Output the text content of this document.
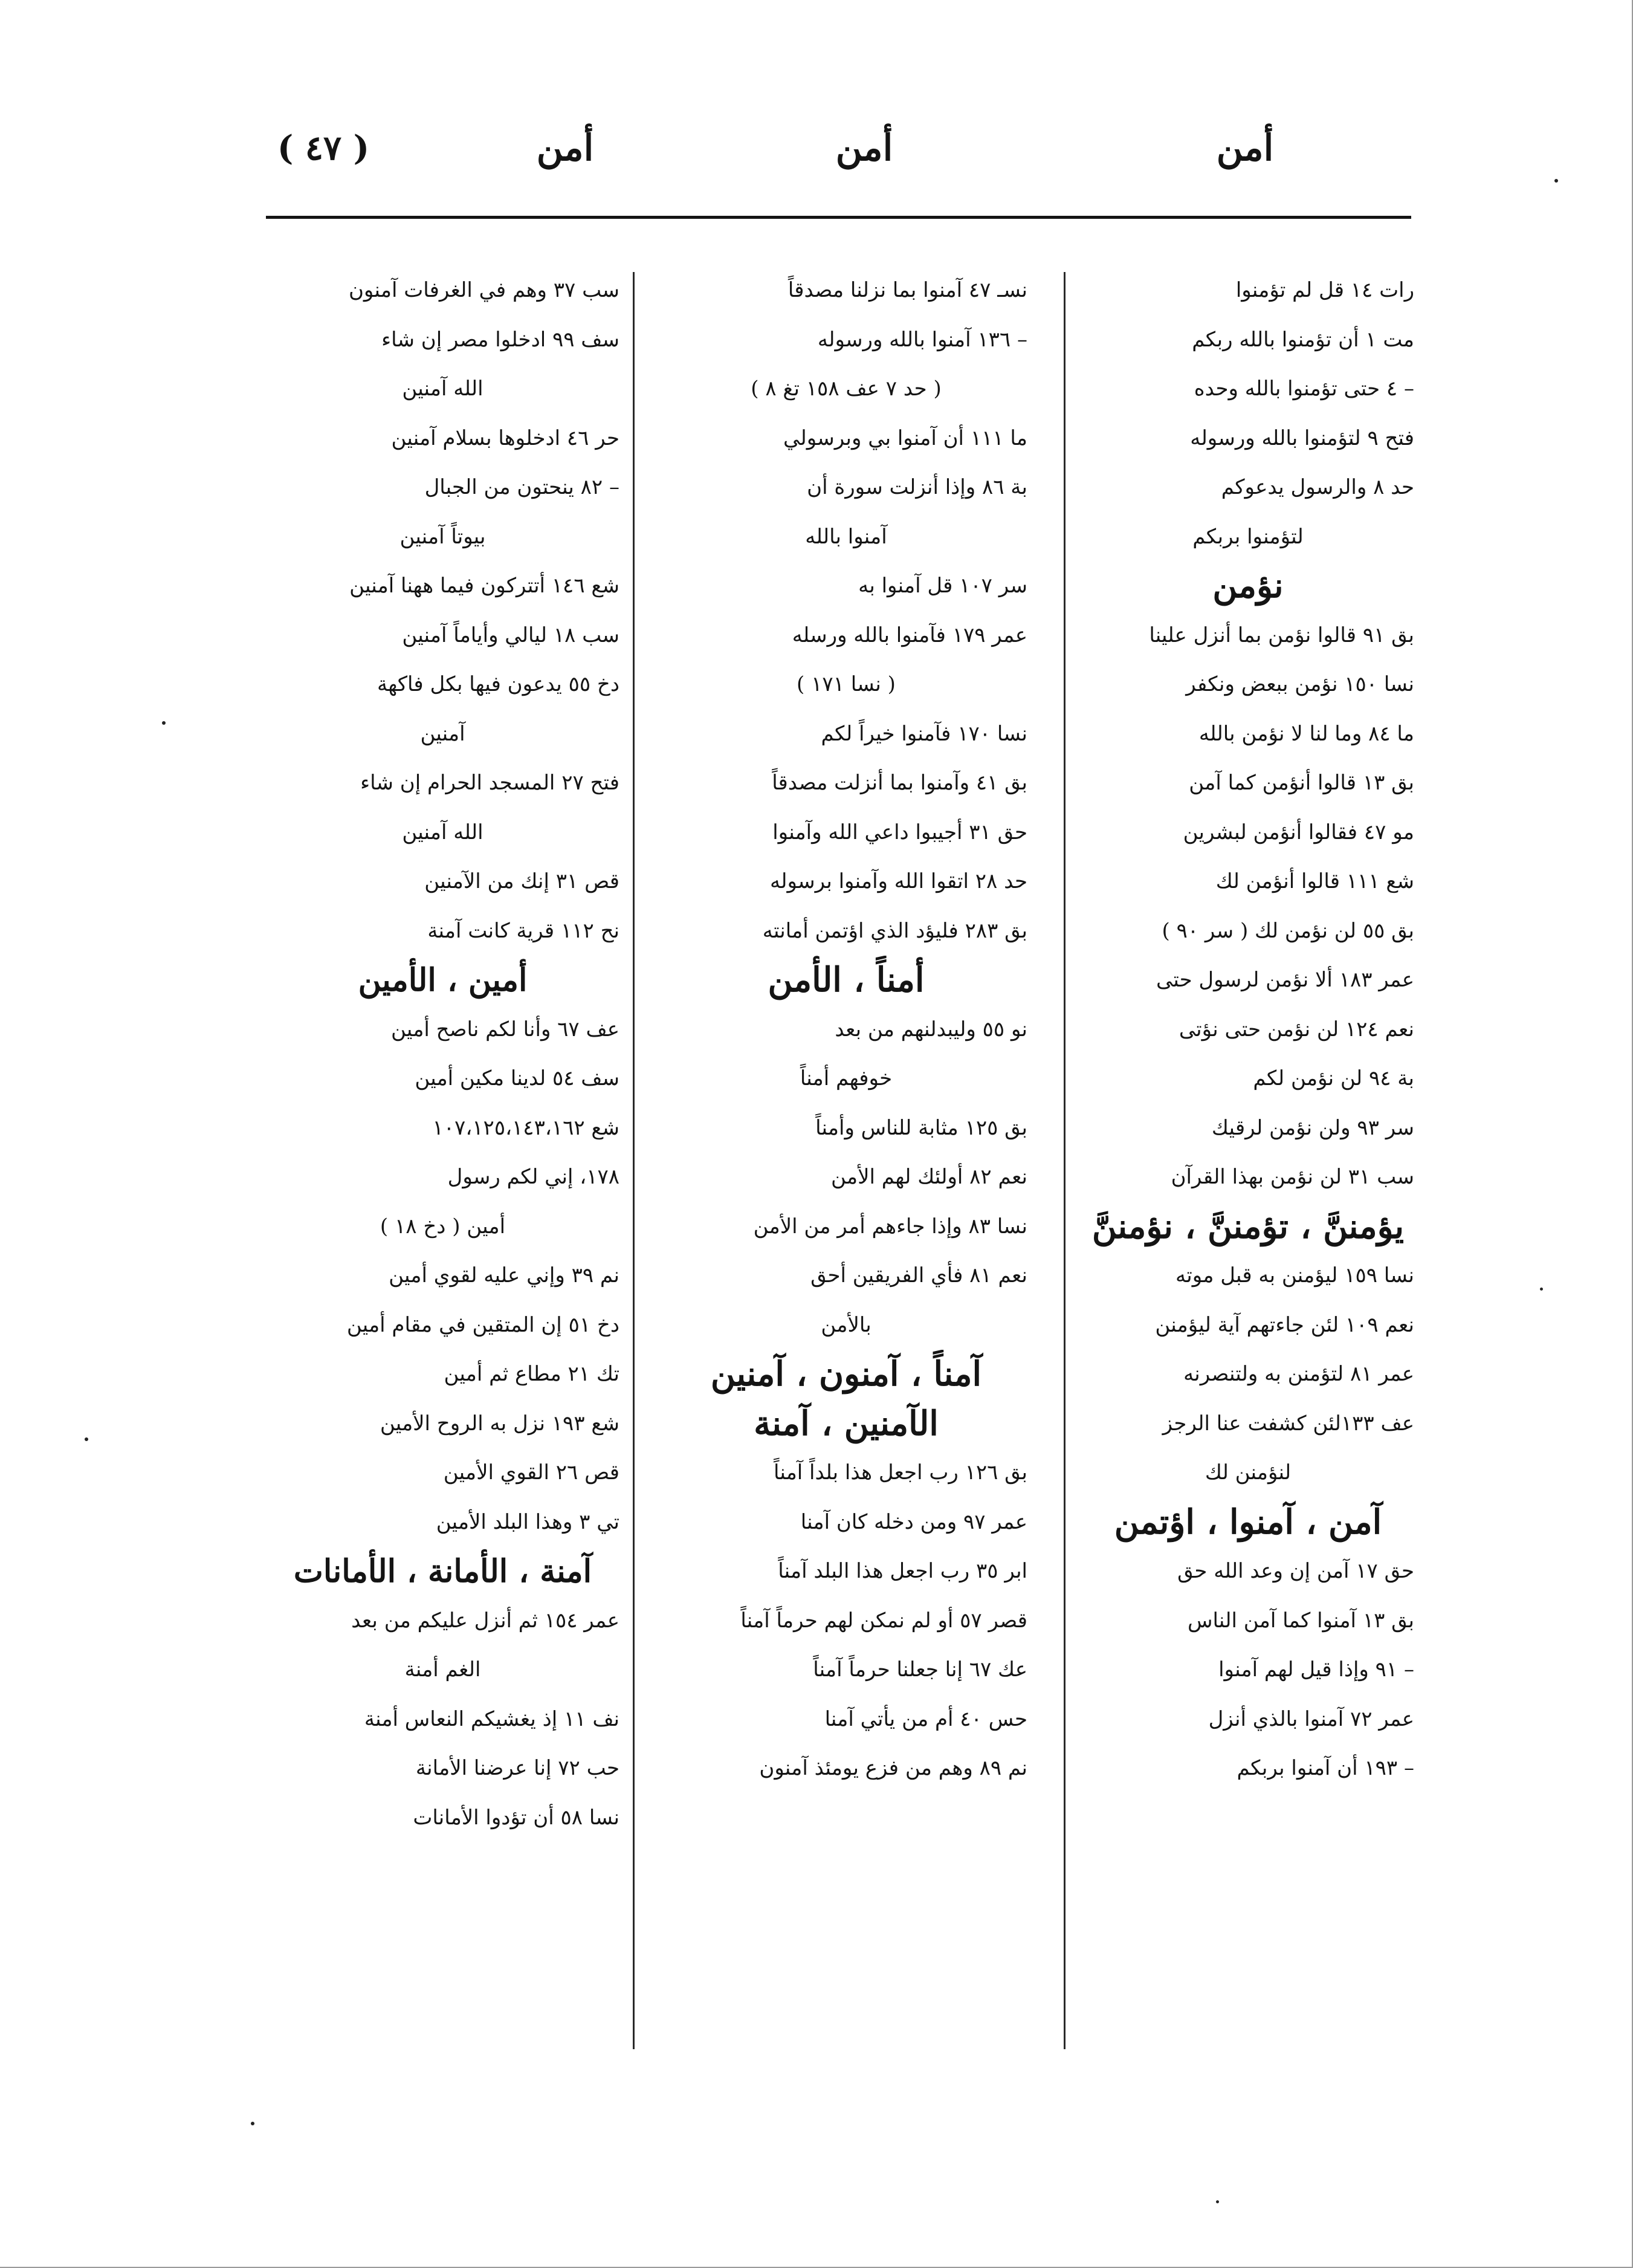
أمن
أمن
أمن
( ٤٧ )
رات ١٤ قل لم تؤمنوا
مت ١ أن تؤمنوا بالله ربكم
– ٤ حتى تؤمنوا بالله وحده
فتح ٩ لتؤمنوا بالله ورسوله
حد ٨ والرسول يدعوكم
لتؤمنوا بربكم
نؤمن
بق ٩١ قالوا نؤمن بما أنزل علينا
نسا ١٥٠ نؤمن ببعض ونكفر
ما ٨٤ وما لنا لا نؤمن بالله
بق ١٣ قالوا أنؤمن كما آمن
مو ٤٧ فقالوا أنؤمن لبشرين
شع ١١١ قالوا أنؤمن لك
بق ٥٥ لن نؤمن لك ( سر ٩٠ )
عمر ١٨٣ ألا نؤمن لرسول حتى
نعم ١٢٤ لن نؤمن حتى نؤتى
بة ٩٤ لن نؤمن لكم
سر ٩٣ ولن نؤمن لرقيك
سب ٣١ لن نؤمن بهذا القرآن
يؤمننَّ ، تؤمننَّ ، نؤمننَّ
نسا ١٥٩ ليؤمنن به قبل موته
نعم ١٠٩ لئن جاءتهم آية ليؤمنن
عمر ٨١ لتؤمنن به ولتنصرنه
عف ١٣٣لئن كشفت عنا الرجز
لنؤمنن لك
آمن ، آمنوا ، اؤتمن
حق ١٧ آمن إن وعد الله حق
بق ١٣ آمنوا كما آمن الناس
– ٩١ وإذا قيل لهم آمنوا
عمر ٧٢ آمنوا بالذي أنزل
– ١٩٣ أن آمنوا بربكم
نسـ ٤٧ آمنوا بما نزلنا مصدقاً
– ١٣٦ آمنوا بالله ورسوله
( حد ٧ عف ١٥٨ تغ ٨ )
ما ١١١ أن آمنوا بي وبرسولي
بة ٨٦ وإذا أنزلت سورة أن
آمنوا بالله
سر ١٠٧ قل آمنوا به
عمر ١٧٩ فآمنوا بالله ورسله
( نسا ١٧١ )
نسا ١٧٠ فآمنوا خيراً لكم
بق ٤١ وآمنوا بما أنزلت مصدقاً
حق ٣١ أجيبوا داعي الله وآمنوا
حد ٢٨ اتقوا الله وآمنوا برسوله
بق ٢٨٣ فليؤد الذي اؤتمن أمانته
أمناً ، الأمن
نو ٥٥ وليبدلنهم من بعد
خوفهم أمناً
بق ١٢٥ مثابة للناس وأمناً
نعم ٨٢ أولئك لهم الأمن
نسا ٨٣ وإذا جاءهم أمر من الأمن
نعم ٨١ فأي الفريقين أحق
بالأمن
آمناً ، آمنون ، آمنين
الآمنين ، آمنة
بق ١٢٦ رب اجعل هذا بلداً آمناً
عمر ٩٧ ومن دخله كان آمنا
ابر ٣٥ رب اجعل هذا البلد آمناً
قصر ٥٧ أو لم نمكن لهم حرماً آمناً
عك ٦٧ إنا جعلنا حرماً آمناً
حس ٤٠ أم من يأتي آمنا
نم ٨٩ وهم من فزع يومئذ آمنون
سب ٣٧ وهم في الغرفات آمنون
سف ٩٩ ادخلوا مصر إن شاء
الله آمنين
حر ٤٦ ادخلوها بسلام آمنين
– ٨٢ ينحتون من الجبال
بيوتاً آمنين
شع ١٤٦ أتتركون فيما ههنا آمنين
سب ١٨ ليالي وأياماً آمنين
دخ ٥٥ يدعون فيها بكل فاكهة
آمنين
فتح ٢٧ المسجد الحرام إن شاء
الله آمنين
قص ٣١ إنك من الآمنين
نح ١١٢ قرية كانت آمنة
أمين ، الأمين
عف ٦٧ وأنا لكم ناصح أمين
سف ٥٤ لدينا مكين أمين
شع ١٠٧،١٢٥،١٤٣،١٦٢
١٧٨، إني لكم رسول
أمين ( دخ ١٨ )
نم ٣٩ وإني عليه لقوي أمين
دخ ٥١ إن المتقين في مقام أمين
تك ٢١ مطاع ثم أمين
شع ١٩٣ نزل به الروح الأمين
قص ٢٦ القوي الأمين
تي ٣ وهذا البلد الأمين
آمنة ، الأمانة ، الأمانات
عمر ١٥٤ ثم أنزل عليكم من بعد
الغم أمنة
نف ١١ إذ يغشيكم النعاس أمنة
حب ٧٢ إنا عرضنا الأمانة
نسا ٥٨ أن تؤدوا الأمانات
